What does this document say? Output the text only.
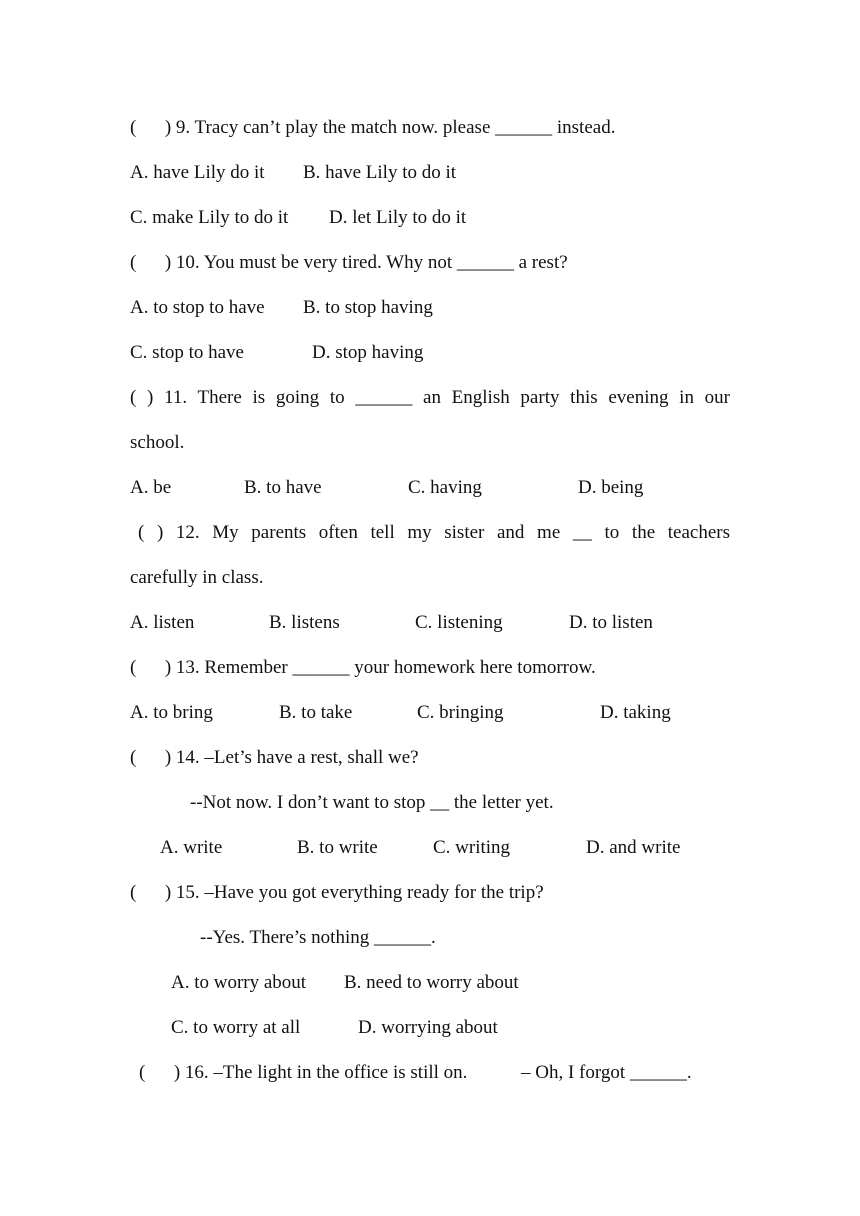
(      ) 9. Tracy can’t play the match now. please ______ instead.
A. have Lily do it B. have Lily to do it
C. make Lily to do it D. let Lily to do it
(      ) 10. You must be very tired. Why not ______ a rest?
A. to stop to have B. to stop having
C. stop to have	D. stop having
( ) 11. There is going to ______ an English party this evening in our
school.
A. be	B. to have	C. having	D. being
( ) 12. My parents often tell my sister and me __ to the teachers
carefully in class.
A. listen	B. listens	C. listening	D. to listen
(      ) 13. Remember ______ your homework here tomorrow.
A. to bring	B. to take	C. bringing	D. taking
(      ) 14. –Let’s have a rest, shall we?
--Not now. I don’t want to stop __ the letter yet.
A. write	B. to write	C. writing	D. and write
(      ) 15. –Have you got everything ready for the trip?
--Yes. There’s nothing ______.
A. to worry about B. need to worry about
C. to worry at all	D. worrying about
(      ) 16. –The light in the office is still on.	– Oh, I forgot ______.
